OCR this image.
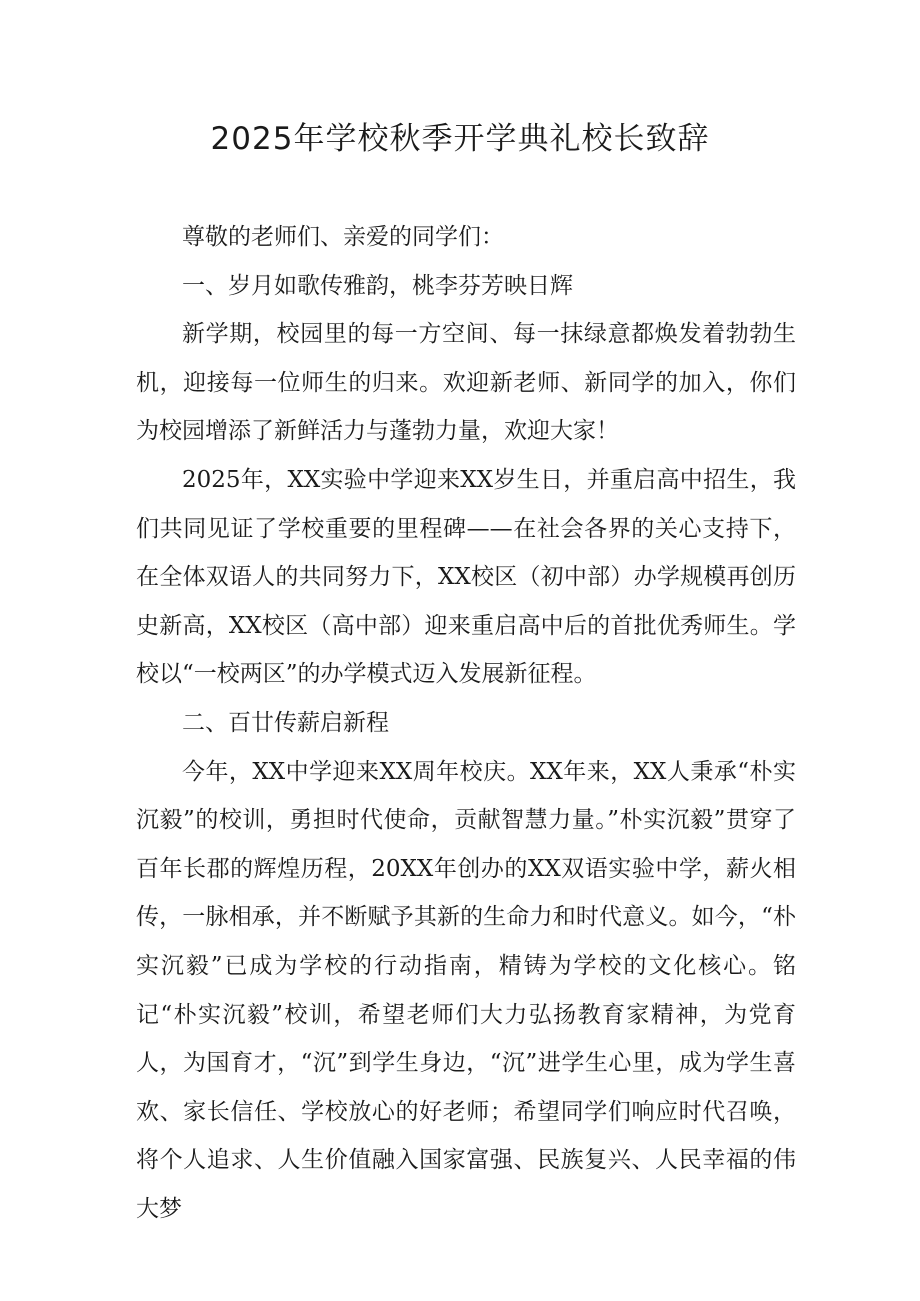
2025年学校秋季开学典礼校长致辞

尊敬的老师们、亲爱的同学们：

一、岁月如歌传雅韵，桃李芬芳映日辉

新学期，校园里的每一方空间、每一抹绿意都焕发着勃勃生机，迎接每一位师生的归来。欢迎新老师、新同学的加入，你们为校园增添了新鲜活力与蓬勃力量，欢迎大家！

2025年，XX实验中学迎来XX岁生日，并重启高中招生，我们共同见证了学校重要的里程碑——在社会各界的关心支持下，在全体双语人的共同努力下，XX校区（初中部）办学规模再创历史新高，XX校区（高中部）迎来重启高中后的首批优秀师生。学校以“一校两区”的办学模式迈入发展新征程。

二、百廿传薪启新程

今年，XX中学迎来XX周年校庆。XX年来，XX人秉承“朴实沉毅”的校训，勇担时代使命，贡献智慧力量。”朴实沉毅”贯穿了百年长郡的辉煌历程，20XX年创办的XX双语实验中学，薪火相传，一脉相承，并不断赋予其新的生命力和时代意义。如今，“朴实沉毅”已成为学校的行动指南，精铸为学校的文化核心。铭记“朴实沉毅”校训，希望老师们大力弘扬教育家精神，为党育人，为国育才，“沉”到学生身边，“沉”进学生心里，成为学生喜欢、家长信任、学校放心的好老师；希望同学们响应时代召唤，将个人追求、人生价值融入国家富强、民族复兴、人民幸福的伟大梦
